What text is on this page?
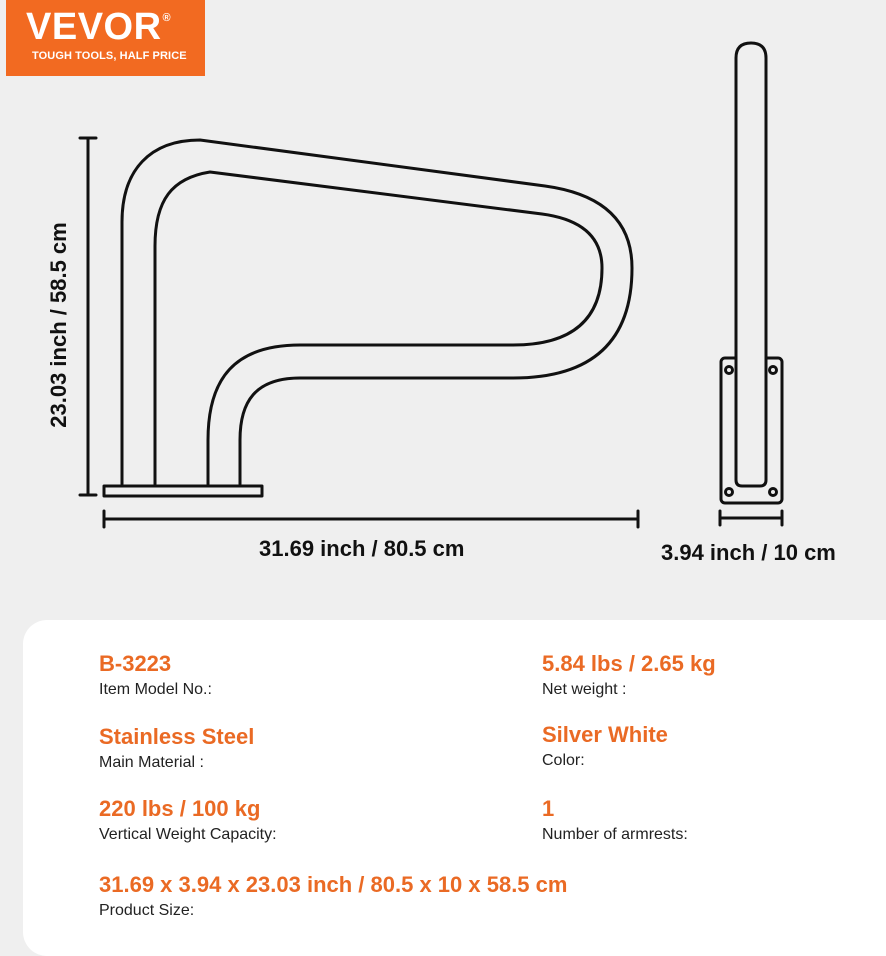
VEVOR®
TOUGH TOOLS, HALF PRICE
23.03 inch / 58.5 cm
31.69 inch / 80.5 cm	3.94 inch / 10 cm
B-3223
Item Model No.:
5.84 lbs / 2.65 kg
Net weight :
Stainless Steel
Main Material :
Silver White
Color:
220 lbs / 100 kg
Vertical Weight Capacity:
1
Number of armrests:
31.69 x 3.94 x 23.03 inch / 80.5 x 10 x 58.5 cm
Product Size:
